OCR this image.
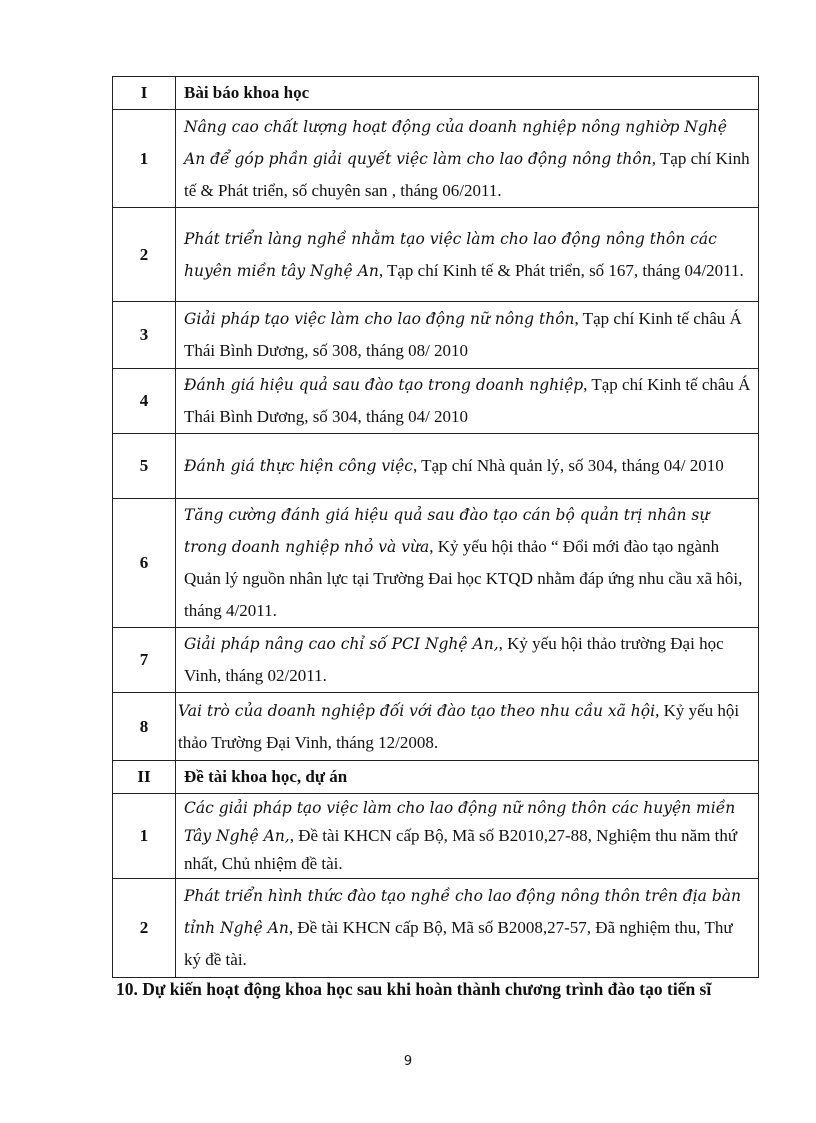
I	Bài báo khoa học
1	Nâng cao chất lượng hoạt động của doanh nghiệp nông nghiờp Nghệ An để góp phần giải quyết việc làm cho lao động nông thôn, Tạp chí Kinh tế & Phát triển, số chuyên san , tháng 06/2011.
2	Phát triển làng nghề nhằm tạo việc làm cho lao động nông thôn các huyên miền tây Nghệ An, Tạp chí Kinh tế & Phát triển, số 167, tháng 04/2011.
3	Giải pháp tạo việc làm cho lao động nữ nông thôn, Tạp chí Kinh tế châu Á Thái Bình Dương, số 308, tháng 08/ 2010
4	Đánh giá hiệu quả sau đào tạo trong doanh nghiệp, Tạp chí Kinh tế châu Á Thái Bình Dương, số 304, tháng 04/ 2010
5	Đánh giá thực hiện công việc, Tạp chí Nhà quản lý, số 304, tháng 04/ 2010
6	Tăng cường đánh giá hiệu quả sau đào tạo cán bộ quản trị nhân sự trong doanh nghiệp nhỏ và vừa, Kỷ yếu hội thảo “ Đổi mới đào tạo ngành Quản lý nguồn nhân lực tại Trường Đai học KTQD nhằm đáp ứng nhu cầu xã hôi, tháng 4/2011.
7	Giải pháp nâng cao chỉ số PCI Nghệ An,, Kỷ yếu hội thảo trường Đại học Vinh, tháng 02/2011.
8	Vai trò của doanh nghiệp đối với đào tạo theo nhu cầu xã hội, Kỷ yếu hội thảo Trường Đại Vinh, tháng 12/2008.
II	Đề tài khoa học, dự án
1	Các giải pháp tạo việc làm cho lao động nữ nông thôn các huyện miền Tây Nghệ An,, Đề tài KHCN cấp Bộ, Mã số B2010,27-88, Nghiệm thu năm thứ nhất, Chủ nhiệm đề tài.
2	Phát triển hình thức đào tạo nghề cho lao động nông thôn trên địa bàn tỉnh Nghệ An, Đề tài KHCN cấp Bộ, Mã số B2008,27-57, Đã nghiệm thu, Thư ký đề tài.
10. Dự kiến hoạt động khoa học sau khi hoàn thành chương trình đào tạo tiến sĩ
9
